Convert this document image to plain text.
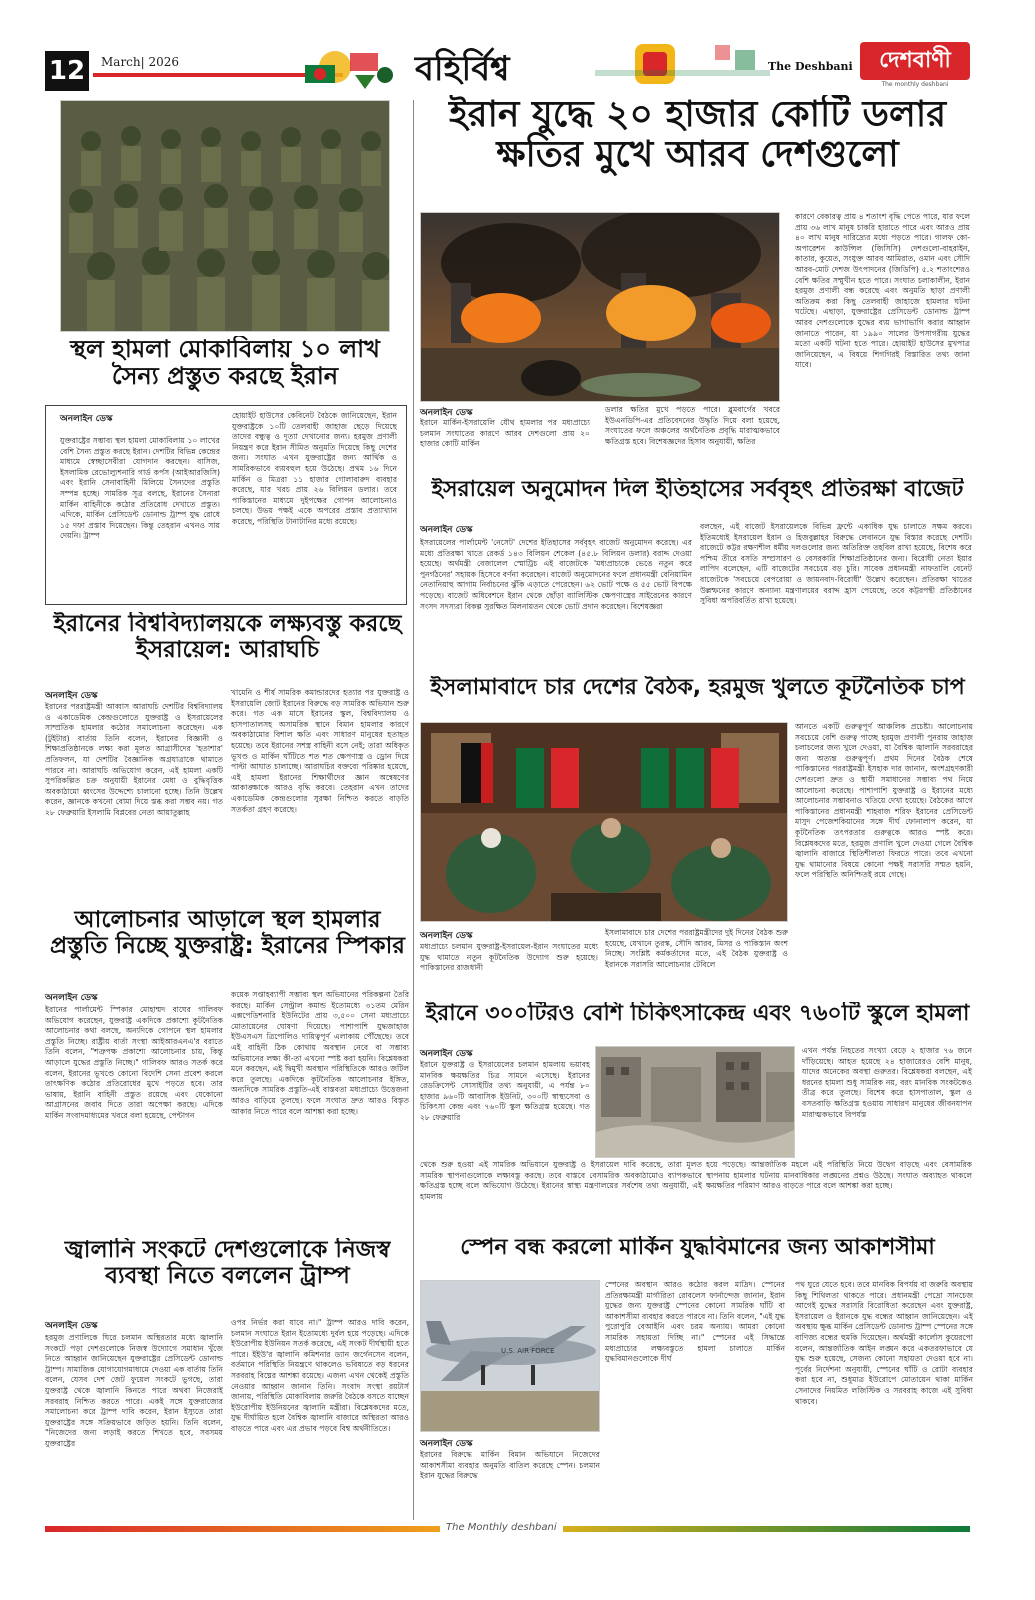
12	March| 2026	বহির্বিশ্ব	The Deshbani	দেশবাণী
The monthly deshbani
ইরান যুদ্ধে ২০ হাজার কোটি ডলার ক্ষতির মুখে আরব দেশগুলো
অনলাইন ডেস্ক
ইরানে মার্কিন-ইসরায়েলি যৌথ হামলার পর মধ্যপ্রাচ্যে চলমান সংঘাতের কারণে আরব দেশগুলো প্রায় ২০ হাজার কোটি মার্কিন
ডলার ক্ষতির মুখে পড়তে পারে। ব্লুমবার্গের খবরে ইউএনডিপি-এর প্রতিবেদনের উদ্ধৃতি দিয়ে বলা হয়েছে, সংঘাতের ফলে অঞ্চলের অর্থনৈতিক প্রবৃদ্ধি মারাত্মকভাবে ক্ষতিগ্রস্ত হবে। বিশেষজ্ঞদের হিসাব অনুযায়ী, ক্ষতির
কারণে বেকারত্ব প্রায় ৪ শতাংশ বৃদ্ধি পেতে পারে, যার ফলে প্রায় ৩৬ লাখ মানুষ চাকরি হারাতে পারে এবং আরও প্রায় ৪০ লাখ মানুষ দারিদ্র্যের মধ্যে পড়তে পারে। গালফ কো-অপারেশন কাউন্সিল (জিসিসি) দেশগুলো-বাহরাইন, কাতার, কুয়েত, সংযুক্ত আরব আমিরাত, ওমান এবং সৌদি আরব-মোট দেশজ উৎপাদনের (জিডিপি) ৫.২ শতাংশেরও বেশি ক্ষতির সম্মুখীন হতে পারে। সংঘাত চলাকালীন, ইরান হরমুজ প্রণালী বন্ধ করেছে এবং অনুমতি ছাড়া প্রণালী অতিক্রম করা কিছু তেলবাহী জাহাজে হামলার ঘটনা ঘটেছে। এছাড়া, যুক্তরাষ্ট্রের প্রেসিডেন্ট ডোনাল্ড ট্রাম্প আরব দেশগুলোকে যুদ্ধের ব্যয় ভাগাভাগি করার আহ্বান জানাতে পারেন, যা ১৯৯০ সালের উপসাগরীয় যুদ্ধের মতো একটি ঘটনা হতে পারে। হোয়াইট হাউসের মুখপাত্র জানিয়েছেন, এ বিষয়ে শিগগিরই বিস্তারিত তথ্য জানা যাবে।
স্থল হামলা মোকাবিলায় ১০ লাখ সৈন্য প্রস্তুত করছে ইরান
অনলাইন ডেস্ক
যুক্তরাষ্ট্রের সম্ভাব্য স্থল হামলা মোকাবিলায় ১০ লাখের বেশি সৈন্য প্রস্তুত করছে ইরান। দেশটির বিভিন্ন কেন্দ্রের মাধ্যমে স্বেচ্ছাসেবীরা যোগদান করছেন। বাসিজ, ইসলামিক রেভোল্যুশনারি গার্ড কর্পস (আইআরজিসি) এবং ইরানি সেনাবাহিনী মিলিয়ে সৈন্যদের প্রস্তুতি সম্পন্ন হচ্ছে। সামরিক সূত্র বলছে, ইরানের সৈন্যরা মার্কিন বাহিনীকে কঠোর প্রতিরোধ দেখাতে প্রস্তুত। এদিকে, মার্কিন প্রেসিডেন্ট ডোনাল্ড ট্রাম্প যুদ্ধ রোধে ১৫ দফা প্রস্তাব দিয়েছেন। কিন্তু তেহরান এখনও সায় দেয়নি। ট্রাম্প
হোয়াইট হাউসের কেবিনেট বৈঠকে জানিয়েছেন, ইরান যুক্তরাষ্ট্রকে ১০টি তেলবাহী জাহাজ ছেড়ে দিয়েছে তাদের বন্ধুত্ব ও দূত্যা দেখানোর জন্য। হরমুজ প্রণালী নিয়ন্ত্রণ করে ইরান সীমিত অনুমতি দিয়েছে কিছু দেশের জন্য। সংঘাত এখন যুক্তরাষ্ট্রের জন্য আর্থিক ও সামরিকভাবে ব্যয়বহুল হয়ে উঠেছে। প্রথম ১৬ দিনে মার্কিন ও মিত্ররা ১১ হাজার গোলাবারুদ ব্যবহার করেছে, যার খরচ প্রায় ২৬ বিলিয়ন ডলার। তবে পাকিস্তানের মাধ্যমে দুইপক্ষের গোপন আলোচনাও চলছে। উভয় পক্ষই একে অপরের প্রস্তাব প্রত্যাখ্যান করেছে, পরিস্থিতি টানাটানির মধ্যে রয়েছে।
ইরানের বিশ্ববিদ্যালয়কে লক্ষ্যবস্তু করছে ইসরায়েল: আরাঘচি
অনলাইন ডেস্ক
ইরানের পররাষ্ট্রমন্ত্রী আব্বাস আরাঘচি দেশটির বিশ্ববিদ্যালয় ও একাডেমিক কেন্দ্রগুলোতে যুক্তরাষ্ট্র ও ইসরায়েলের সাম্প্রতিক হামলার কঠোর সমালোচনা করেছেন। এক (টুইটার) বার্তায় তিনি বলেন, ইরানের বিজ্ঞানী ও শিক্ষাপ্রতিষ্ঠানকে লক্ষ্য করা মূলত আগ্রাসীদের 'হতাশার' প্রতিফলন, যা দেশটির বৈজ্ঞানিক অগ্রযাত্রাকে থামাতে পারবে না। আরাঘচি অভিযোগ করেন, এই হামলা একটি সুপরিকল্পিত চক্র অনুযায়ী ইরানের মেধা ও বুদ্ধিবৃত্তিক অবকাঠামো ধ্বংসের উদ্দেশ্যে চালানো হচ্ছে। তিনি উল্লেখ করেন, জ্ঞানকে কখনো বোমা দিয়ে স্তব্ধ করা সম্ভব নয়। গত ২৮ ফেব্রুয়ারি ইসলামি বিপ্লবের নেতা আয়াতুল্লাহ
খামেনি ও শীর্ষ সামরিক কমান্ডারদের হত্যার পর যুক্তরাষ্ট্র ও ইসরায়েলি জোট ইরানের বিরুদ্ধে বড় সামরিক অভিযান শুরু করে। গত এক মাসে ইরানের স্কুল, বিশ্ববিদ্যালয় ও হাসপাতালসহ অসামরিক স্থানে বিমান হামলার কারণে অবকাঠামোর বিশাল ক্ষতি এবং সাধারণ মানুষের হতাহত হয়েছে। তবে ইরানের সশস্ত্র বাহিনী বসে নেই; তারা অধিকৃত ভূখণ্ড ও মার্কিন ঘাঁটিতে শত শত ক্ষেপণাস্ত্র ও ড্রোন দিয়ে পাল্টা আঘাত চালাচ্ছে। আরাঘচির বক্তব্যে পরিষ্কার হয়েছে, এই হামলা ইরানের শিক্ষার্থীদের জ্ঞান অন্বেষণের আকাঙ্ক্ষাকে আরও বৃদ্ধি করবে। তেহরান এখন তাদের একাডেমিক কেন্দ্রগুলোর সুরক্ষা নিশ্চিত করতে বাড়তি সতর্কতা গ্রহণ করেছে।
আলোচনার আড়ালে স্থল হামলার প্রস্তুতি নিচ্ছে যুক্তরাষ্ট্র: ইরানের স্পিকার
অনলাইন ডেস্ক
ইরানের পার্লামেন্ট স্পিকার মোহাম্মদ বাঘের গালিবফ অভিযোগ করেছেন, যুক্তরাষ্ট্র একদিকে প্রকাশ্যে কূটনৈতিক আলোচনার কথা বলছে, অন্যদিকে গোপনে স্থল হামলার প্রস্তুতি নিচ্ছে। রাষ্ট্রীয় বার্তা সংস্থা আইআরএনএ'র বরাতে তিনি বলেন, "শত্রুপক্ষ প্রকাশ্যে আলোচনার চায়, কিন্তু আড়ালে যুদ্ধের প্রস্তুতি নিচ্ছে।" গালিবফ আরও সতর্ক করে বলেন, ইরানের ভূখণ্ডে কোনো বিদেশি সেনা প্রবেশ করলে তাৎক্ষণিক কঠোর প্রতিরোধের মুখে পড়তে হবে। তার ভাষায়, ইরানি বাহিনী প্রস্তুত রয়েছে এবং যেকোনো আগ্রাসনের জবাব দিতে তারা অপেক্ষা করছে। এদিকে মার্কিন সংবাদমাধ্যমের খবরে বলা হয়েছে, পেন্টাগন
কয়েক সপ্তাহব্যাপী সম্ভাব্য স্থল অভিযানের পরিকল্পনা তৈরি করছে। মার্কিন সেন্ট্রাল কমান্ড ইতোমধ্যে ৩১তম মেরিন এক্সপেডিশনারি ইউনিটের প্রায় ৩,৫০০ সেনা মধ্যপ্রাচ্যে মোতায়েনের ঘোষণা দিয়েছে। পাশাপাশি যুদ্ধজাহাজ ইউএসএস ত্রিপোলিও দায়িত্বপূর্ণ এলাকায় পৌঁছেছে। তবে এই বাহিনী ঠিক কোথায় অবস্থান নেবে বা সম্ভাব্য অভিযানের লক্ষ্য কী-তা এখনো স্পষ্ট করা হয়নি। বিশ্লেষকরা মনে করছেন, এই দ্বিমুখী অবস্থান পরিস্থিতিকে আরও জটিল করে তুলছে। একদিকে কূটনৈতিক আলোচনার ইঙ্গিত, অন্যদিকে সামরিক প্রস্তুতি-এই বাস্তবতা মধ্যপ্রাচ্যে উত্তেজনা আরও বাড়িয়ে তুলছে। ফলে সংঘাত দ্রুত আরও বিস্তৃত আকার নিতে পারে বলে আশঙ্কা করা হচ্ছে।
জ্বালানি সংকটে দেশগুলোকে নিজস্ব ব্যবস্থা নিতে বললেন ট্রাম্প
অনলাইন ডেস্ক
হরমুজ প্রণালিকে ঘিরে চলমান অস্থিরতার মধ্যে জ্বালানি সংকটে পড়া দেশগুলোকে নিজস্ব উদ্যোগে সমাধান খুঁজে নিতে আহ্বান জানিয়েছেন যুক্তরাষ্ট্রের প্রেসিডেন্ট ডোনাল্ড ট্রাম্প। সামাজিক যোগাযোগমাধ্যমে দেওয়া এক বার্তায় তিনি বলেন, যেসব দেশ জেট ফুয়েল সংকটে ভুগছে, তারা যুক্তরাষ্ট্র থেকে জ্বালানি কিনতে পারে অথবা নিজেরাই সরবরাহ নিশ্চিত করতে পারে। একই সঙ্গে যুক্তরাজ্যের সমালোচনা করে ট্রাম্প দাবি করেন, ইরান ইস্যুতে তারা যুক্তরাষ্ট্রের সঙ্গে সক্রিয়ভাবে জড়িত হয়নি। তিনি বলেন, "নিজেদের জন্য লড়াই করতে শিখতে হবে, সবসময় যুক্তরাষ্ট্রের
ওপর নির্ভর করা যাবে না।" ট্রাম্প আরও দাবি করেন, চলমান সংঘাতে ইরান ইতোমধ্যে দুর্বল হয়ে পড়েছে। এদিকে ইউরোপীয় ইউনিয়ন সতর্ক করেছে, এই সংকট দীর্ঘস্থায়ী হতে পারে। ইইউ'র জ্বালানি কমিশনার ড্যান জর্গেনসেন বলেন, বর্তমানে পরিস্থিতি নিয়ন্ত্রণে থাকলেও ভবিষ্যতে বড় ধরনের সরবরাহ বিঘ্নের আশঙ্কা রয়েছে। এজন্য এখন থেকেই প্রস্তুতি নেওয়ার আহ্বান জানান তিনি। সংবাদ সংস্থা রয়টার্স জানায়, পরিস্থিতি মোকাবিলায় জরুরি বৈঠকে বসতে যাচ্ছেন ইউরোপীয় ইউনিয়নের জ্বালানি মন্ত্রীরা। বিশ্লেষকদের মতে, যুদ্ধ দীর্ঘায়িত হলে বৈশ্বিক জ্বালানি বাজারে অস্থিরতা আরও বাড়তে পারে এবং এর প্রভাব পড়বে বিশ্ব অর্থনীতিতে।
ইসরায়েল অনুমোদন দিল ইতিহাসের সর্ববৃহৎ প্রতিরক্ষা বাজেট
অনলাইন ডেস্ক
ইসরায়েলের পার্লামেন্ট 'নেসেট' দেশের ইতিহাসের সর্ববৃহৎ বাজেট অনুমোদন করেছে। এর মধ্যে প্রতিরক্ষা খাতে রেকর্ড ১৪৩ বিলিয়ন শেকেল (৪৫.৮ বিলিয়ন ডলার) বরাদ্দ দেওয়া হয়েছে। অর্থমন্ত্রী বেজালেল স্মোট্রিচ এই বাজেটকে 'মধ্যপ্রাচ্যকে ভেঙে নতুন করে পুনর্গঠনের' সহায়ক হিসেবে বর্ণনা করেছেন। বাজেট অনুমোদনের ফলে প্রধানমন্ত্রী বেনিয়ামিন নেতানিয়াহু আগাম নির্বাচনের ঝুঁকি এড়াতে পেরেছেন। ৬২ ভোট পক্ষে ও ৫৫ ভোট বিপক্ষে পড়েছে। বাজেট অধিবেশনে ইরান থেকে ছোঁড়া ব্যালিস্টিক ক্ষেপণাস্ত্রের সাইরেনের কারণে সংসদ সদস্যরা বিকল্প সুরক্ষিত মিলনায়তন থেকে ভোট প্রদান করেছেন। বিশেষজ্ঞরা
বলছেন, এই বাজেট ইসরায়েলকে বিভিন্ন ফ্রন্টে একাধিক যুদ্ধ চালাতে সক্ষম করবে। ইতিমধ্যেই ইসরায়েল ইরান ও হিজবুল্লাহর বিরুদ্ধে লেবাননে যুদ্ধ বিস্তার করেছে দেশটি। বাজেটে কট্টর রক্ষণশীল ধর্মীয় দলগুলোর জন্য অতিরিক্ত তহবিল রাখা হয়েছে, বিশেষ করে পশ্চিম তীরে বসতি সম্প্রসারণ ও বেসরকারি শিক্ষাপ্রতিষ্ঠানের জন্য। বিরোধী নেতা ইয়ার লাপিদ বলেছেন, এটি বাজেটের সবচেয়ে বড় চুরি। সাবেক প্রধানমন্ত্রী নাফতালি বেনেট বাজেটকে 'সবচেয়ে বেপরোয়া ও জায়নবাদ-বিরোধী' উল্লেখ করেছেন। প্রতিরক্ষা খাতের উল্লম্ফনের কারণে অন্যান্য মন্ত্রণালয়ের বরাদ্দ হ্রাস পেয়েছে, তবে কট্টরপন্থী প্রতিষ্ঠানের সুবিধা অপরিবর্তিত রাখা হয়েছে।
ইসলামাবাদে চার দেশের বৈঠক, হরমুজ খুলতে কূটনৈতিক চাপ
অনলাইন ডেস্ক
মধ্যপ্রাচ্যে চলমান যুক্তরাষ্ট্র-ইসরায়েল-ইরান সংঘাতের মধ্যে যুদ্ধ থামাতে নতুন কূটনৈতিক উদ্যোগ শুরু হয়েছে। পাকিস্তানের রাজধানী
ইসলামাবাদে চার দেশের পররাষ্ট্রমন্ত্রীদের দুই দিনের বৈঠক শুরু হয়েছে, যেখানে তুরস্ক, সৌদি আরব, মিসর ও পাকিস্তান অংশ নিচ্ছে। সংশ্লিষ্ট কর্মকর্তাদের মতে, এই বৈঠক যুক্তরাষ্ট্র ও ইরানকে সরাসরি আলোচনার টেবিলে
আনতে একটি গুরুত্বপূর্ণ আঞ্চলিক প্রচেষ্টা। আলোচনায় সবচেয়ে বেশি গুরুত্ব পাচ্ছে হরমুজ প্রণালী পুনরায় জাহাজ চলাচলের জন্য খুলে দেওয়া, যা বৈশ্বিক জ্বালানি সরবরাহের জন্য অত্যন্ত গুরুত্বপূর্ণ। প্রথম দিনের বৈঠক শেষে পাকিস্তানের পররাষ্ট্রমন্ত্রী ইসহাক দার জানান, অংশগ্রহণকারী দেশগুলো দ্রুত ও স্থায়ী সমাধানের সম্ভাব্য পথ নিয়ে আলোচনা করেছে। পাশাপাশি যুক্তরাষ্ট্র ও ইরানের মধ্যে আলোচনার সম্ভাবনাও খতিয়ে দেখা হয়েছে। বৈঠকের আগে পাকিস্তানের প্রধানমন্ত্রী শাহবাজ শরিফ ইরানের প্রেসিডেন্ট মাসুদ পেজেশকিয়ানের সঙ্গে দীর্ঘ ফোনালাপ করেন, যা কূটনৈতিক তৎপরতার গুরুত্বকে আরও স্পষ্ট করে। বিশ্লেষকদের মতে, হরমুজ প্রণালি খুলে দেওয়া গেলে বৈশ্বিক জ্বালানি বাজারে স্থিতিশীলতা ফিরতে পারে। তবে এখনো যুদ্ধ থামানোর বিষয়ে কোনো পক্ষই সরাসরি সম্মত হয়নি, ফলে পরিস্থিতি অনিশ্চিতই রয়ে গেছে।
ইরানে ৩০০টিরও বেশি চিকিৎসাকেন্দ্র এবং ৭৬০টি স্কুলে হামলা
অনলাইন ডেস্ক
ইরানে যুক্তরাষ্ট্র ও ইসরায়েলের চলমান হামলায় ভয়াবহ মানবিক ক্ষয়ক্ষতির চিত্র সামনে এসেছে। ইরানের রেডক্রিসেন্ট সোসাইটির তথ্য অনুযায়ী, এ পর্যন্ত ৮০ হাজার ৯৬০টি আবাসিক ইউনিট, ৩০০টি স্বাস্থ্যসেবা ও চিকিৎসা কেন্দ্র এবং ৭৬০টি স্কুল ক্ষতিগ্রস্ত হয়েছে। গত ২৮ ফেব্রুয়ারি
এখন পর্যন্ত নিহতের সংখ্যা বেড়ে ২ হাজার ৭৬ জনে দাঁড়িয়েছে। আহত হয়েছে ২৪ হাজারেরও বেশি মানুষ, যাদের অনেকের অবস্থা গুরুতর। বিশ্লেষকরা বলছেন, এই ধরনের হামলা শুধু সামরিক নয়, বরং মানবিক সংকটকেও তীব্র করে তুলছে। বিশেষ করে হাসপাতাল, স্কুল ও বসতবাড়ি ক্ষতিগ্রস্ত হওয়ায় সাধারণ মানুষের জীবনযাপন মারাত্মকভাবে বিপর্যস্ত
থেকে শুরু হওয়া এই সামরিক অভিযানে যুক্তরাষ্ট্র ও ইসরায়েল দাবি করেছে, তারা মূলত সামরিক স্থাপনাগুলোকে লক্ষ্যবস্তু করছে। তবে বাস্তবে বেসামরিক অবকাঠামোও ব্যাপকভাবে ক্ষতিগ্রস্ত হচ্ছে বলে অভিযোগ উঠেছে। ইরানের স্বাস্থ্য মন্ত্রণালয়ের সর্বশেষ তথ্য অনুযায়ী, এই হামলায়
হয়ে পড়েছে। আন্তর্জাতিক মহলে এই পরিস্থিতি নিয়ে উদ্বেগ বাড়ছে এবং বেসামরিক স্থাপনায় হামলার ঘটনায় মানবাধিকার লঙ্ঘনের প্রশ্নও উঠছে। সংঘাত অব্যাহত থাকলে ক্ষয়ক্ষতির পরিমাণ আরও বাড়তে পারে বলে আশঙ্কা করা হচ্ছে।
স্পেন বন্ধ করলো মার্কিন যুদ্ধবিমানের জন্য আকাশসীমা
U.S. AIR FORCE
অনলাইন ডেস্ক
ইরানের বিরুদ্ধে মার্কিন বিমান অভিযানে নিজেদের আকাশসীমা ব্যবহার অনুমতি বাতিল করেছে স্পেন। চলমান ইরান যুদ্ধের বিরুদ্ধে
স্পেনের অবস্থান আরও কঠোর করল মাদ্রিদ। স্পেনের প্রতিরক্ষামন্ত্রী মার্গারিতা রোবলেস ফার্নান্দেজ জানান, ইরান যুদ্ধের জন্য যুক্তরাষ্ট্র স্পেনের কোনো সামরিক ঘাঁটি বা আকাশসীমা ব্যবহার করতে পারবে না। তিনি বলেন, "এই যুদ্ধ পুরোপুরি বেআইনি এবং চরম অন্যায়। আমরা কোনো সামরিক সহায়তা দিচ্ছি না।" স্পেনের এই সিদ্ধান্তে মধ্যপ্রাচ্যের লক্ষ্যবস্তুতে হামলা চালাতে মার্কিন যুদ্ধবিমানগুলোকে দীর্ঘ
পথ ঘুরে যেতে হবে। তবে মানবিক বিপর্যয় বা জরুরি অবস্থায় কিছু শিথিলতা থাকতে পারে। প্রধানমন্ত্রী পেদ্রো সানচেজ আগেই যুদ্ধের সরাসরি বিরোধিতা করেছেন এবং যুক্তরাষ্ট্র, ইসরায়েল ও ইরানকে যুদ্ধ বন্ধের আহ্বান জানিয়েছেন। এই অবস্থায় ক্ষুব্ধ মার্কিন প্রেসিডেন্ট ডোনাল্ড ট্রাম্প স্পেনের সঙ্গে বাণিজ্য বন্ধের হুমকি দিয়েছেন। অর্থমন্ত্রী কার্লোস কুয়েরপো বলেন, আন্তর্জাতিক আইন লঙ্ঘন করে একতরফাভাবে যে যুদ্ধ শুরু হয়েছে, সেজন্য কোনো সহায়তা দেওয়া হবে না। পূর্বের নির্দেশনা অনুযায়ী, স্পেনের ঘাঁটি ও রোটা ব্যবহার করা হবে না, শুধুমাত্র ইউরোপে মোতায়েন থাকা মার্কিন সেনাদের নিয়মিত লজিস্টিক ও সরবরাহ কাজে এই সুবিধা থাকবে।
The Monthly deshbani
